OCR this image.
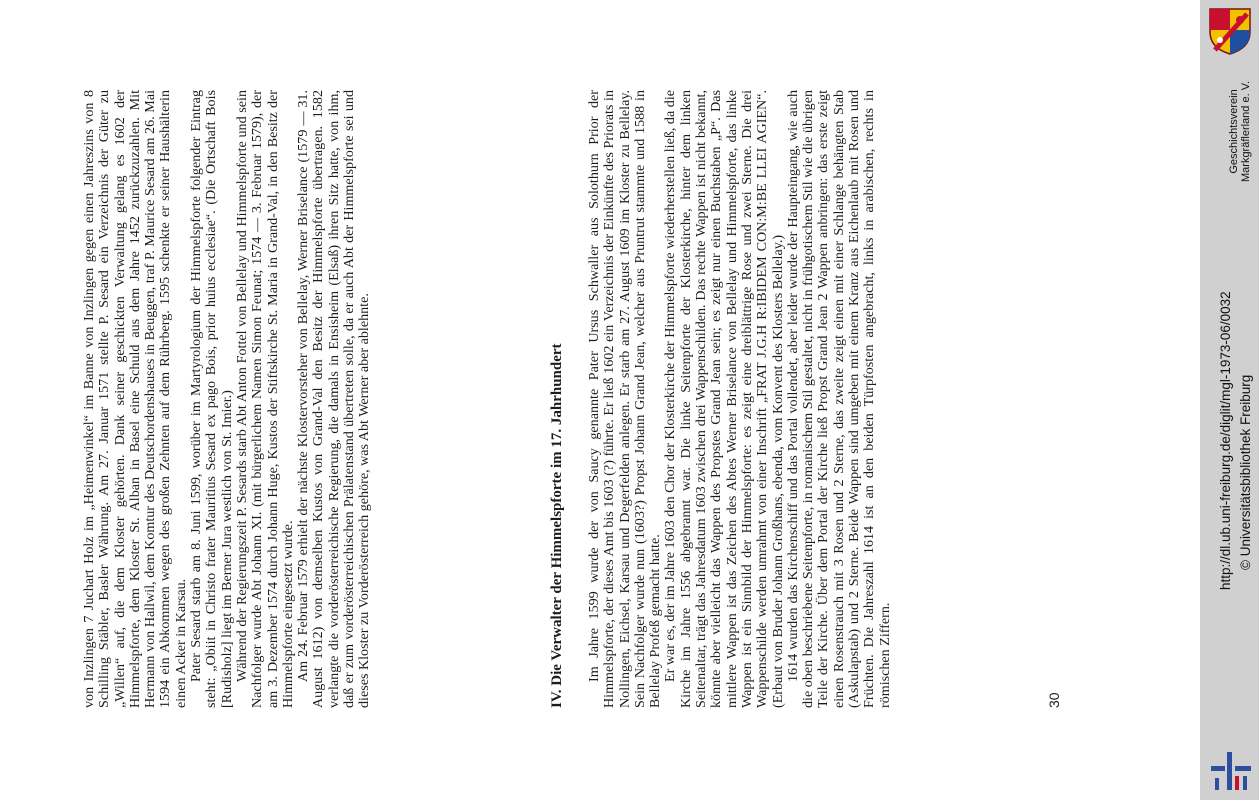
von Inzlingen 7 Juchart Holz im „Heimenwinkel“ im Banne von Inzlingen gegen einen Jahreszins von 8 Schilling Stäbler, Basler Währung. Am 27. Januar 1571 stellte P. Sesard ein Verzeichnis der Güter zu „Willen“ auf, die dem Kloster gehörten. Dank seiner geschickten Verwaltung gelang es 1602 der Himmelspforte, dem Kloster St. Alban in Basel eine Schuld aus dem Jahre 1452 zurückzuzahlen. Mit Hermann von Hallwil, dem Komtur des Deutschordenshauses in Beuggen, traf P. Maurice Sesard am 26. Mai 1594 ein Abkommen wegen des großen Zehnten auf dem Rührberg. 1595 schenkte er seiner Haushälterin einen Acker in Karsau. Pater Sesard starb am 8. Juni 1599, worüber im Martyrologium der Himmelspforte folgender Eintrag steht: „Obiit in Christo frater Mauritius Sesard ex pago Bois, prior huius ecclesiae“. (Die Ortschaft Bois [Rudisholz] liegt im Berner Jura westlich von St. Imier.) Während der Regierungszeit P. Sesards starb Abt Anton Fottel von Bellelay und Himmelspforte und sein Nachfolger wurde Abt Johann XI. (mit bürgerlichem Namen Simon Feunat; 1574 — 3. Februar 1579), der am 3. Dezember 1574 durch Johann Huge, Kustos der Stiftskirche St. Maria in Grand-Val, in den Besitz der Himmelspforte eingesetzt wurde. Am 24. Februar 1579 erhielt der nächste Klostervorsteher von Bellelay, Werner Briselance (1579 — 31. August 1612) von demselben Kustos von Grand-Val den Besitz der Himmelspforte übertragen. 1582 verlangte die vorderösterreichische Regierung, die damals in Ensisheim (Elsaß) ihren Sitz hatte, von ihm, daß er zum vorderösterreichischen Prälatenstand übertreten solle, da er auch Abt der Himmelspforte sei und dieses Kloster zu Vorderösterreich gehöre, was Abt Werner aber ablehnte.	IV. Die Verwalter der Himmelspforte im 17. Jahrhundert Im Jahre 1599 wurde der von Saucy genannte Pater Ursus Schwaller aus Solothurn Prior der Himmelspforte, der dieses Amt bis 1603 (?) führte. Er ließ 1602 ein Verzeichnis der Einkünfte des Priorats in Nollingen, Eichsel, Karsau und Degerfelden anlegen. Er starb am 27. August 1609 im Kloster zu Bellelay. Sein Nachfolger wurde nun (1603?) Propst Johann Grand Jean, welcher aus Pruntrut stammte und 1588 in Bellelay Profeß gemacht hatte. Er war es, der im Jahre 1603 den Chor der Klosterkirche der Himmelspforte wiederherstellen ließ, da die Kirche im Jahre 1556 abgebrannt war. Die linke Seitenpforte der Klosterkirche, hinter dem linken Seitenaltar, trägt das Jahresdatum 1603 zwischen drei Wappenschilden. Das rechte Wappen ist nicht bekannt, könnte aber vielleicht das Wappen des Propstes Grand Jean sein; es zeigt nur einen Buchstaben „P“. Das mittlere Wappen ist das Zeichen des Abtes Werner Briselance von Bellelay und Himmelspforte, das linke Wappen ist ein Sinnbild der Himmelspforte: es zeigt eine dreiblättrige Rose und zwei Sterne. Die drei Wappenschilde werden umrahmt von einer Inschrift „FRAT J.G.H R:IBIDEM CON:M:BE LLEI AGIEN“. (Erbaut von Bruder Johann Großhans, ebenda, vom Konvent des Klosters Bellelay.) 1614 wurden das Kirchenschiff und das Portal vollendet, aber leider wurde der Haupteingang, wie auch die oben beschriebene Seitenpforte, in romanischem Stil gestaltet, nicht in frühgotischem Stil wie die übrigen Teile der Kirche. Über dem Portal der Kirche ließ Propst Grand Jean 2 Wappen anbringen: das erste zeigt einen Rosenstrauch mit 3 Rosen und 2 Sterne, das zweite zeigt einen mit einer Schlange behängten Stab (Askulapstab) und 2 Sterne. Beide Wappen sind umgeben mit einem Kranz aus Eichenlaub mit Rosen und Früchten. Die Jahreszahl 1614 ist an den beiden Türpfosten angebracht, links in arabischen, rechts in römischen Ziffern.	30
Geschichtsverein Markgräflerland e. V.
http://dl.ub.uni-freiburg.de/diglit/mgl-1973-06/0032 © Universitätsbibliothek Freiburg
